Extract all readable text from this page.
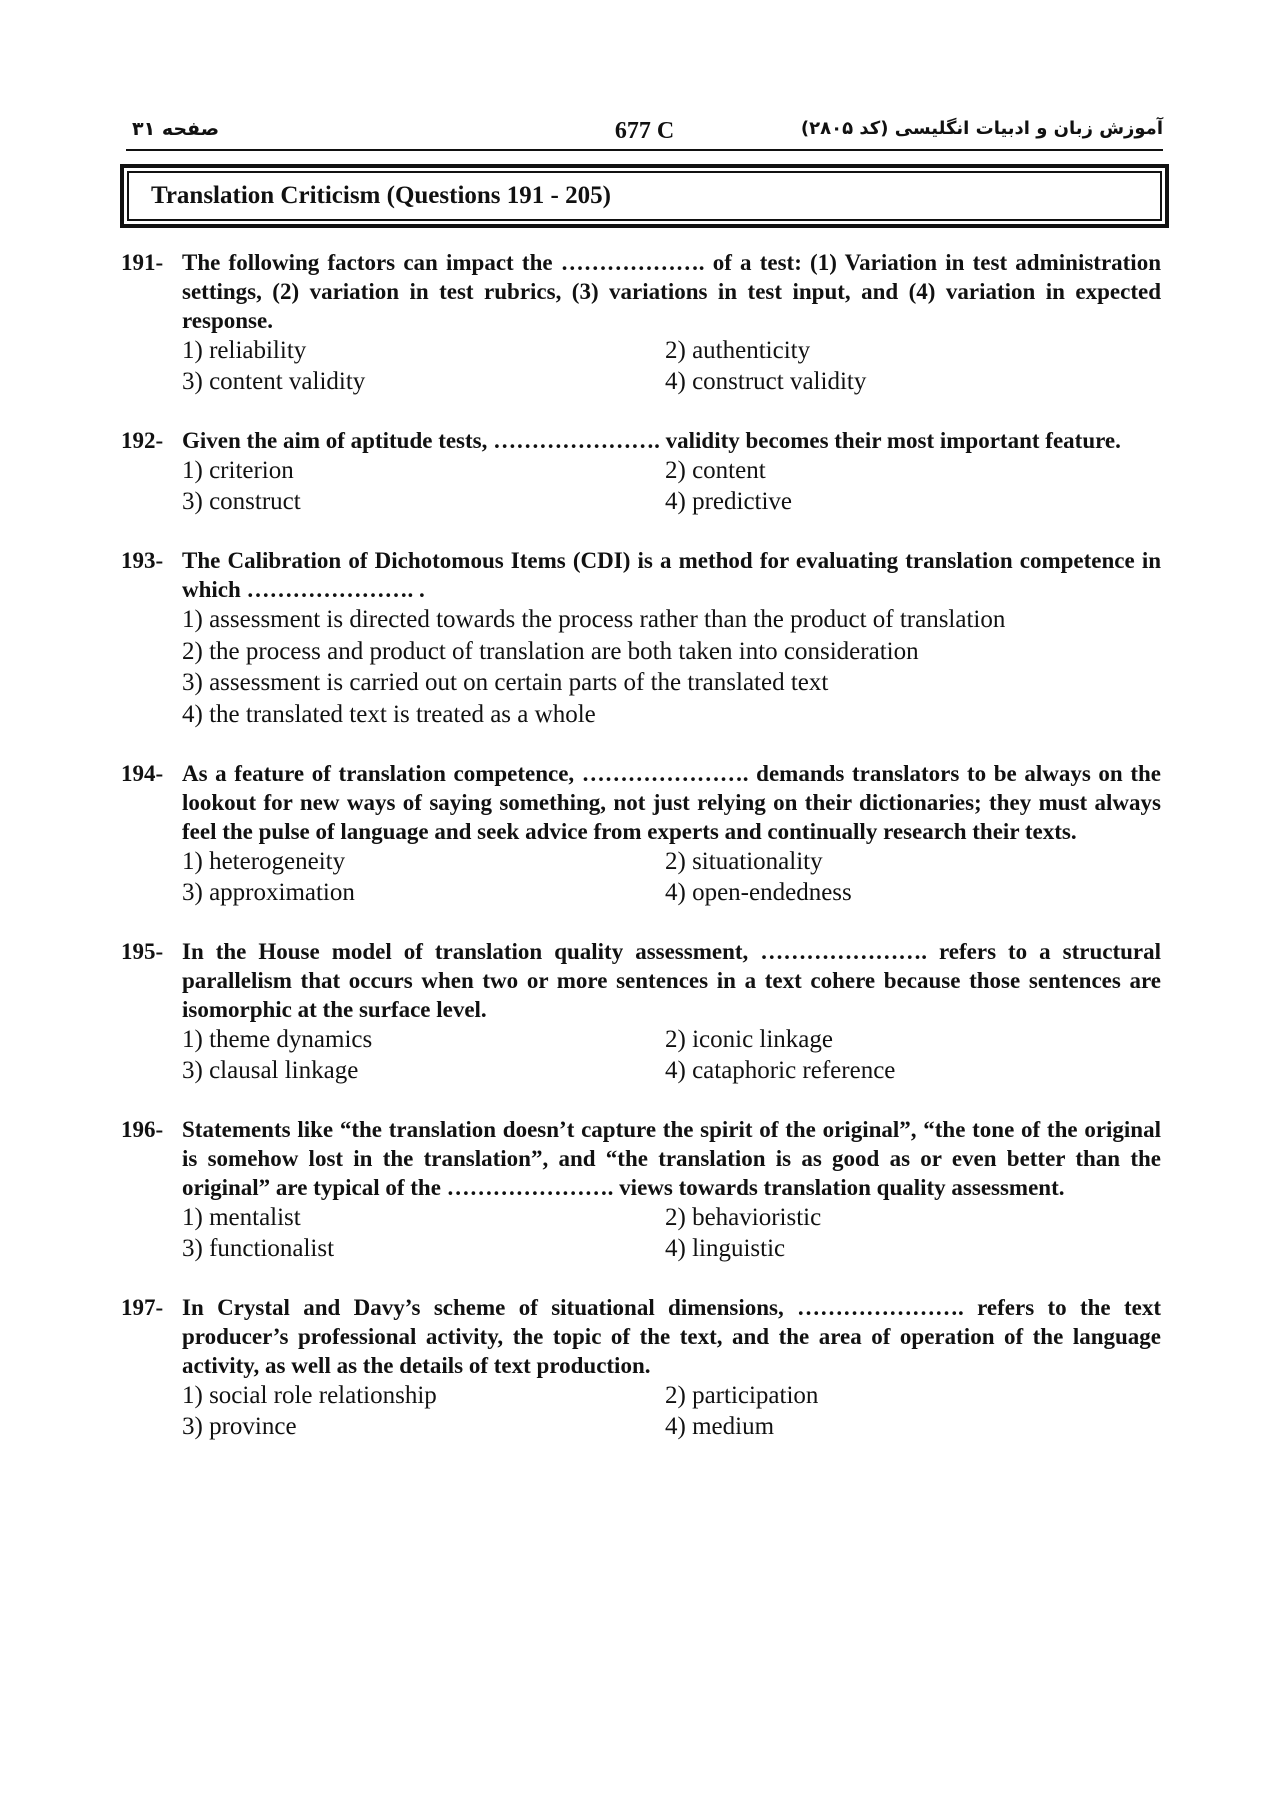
صفحه ۳۱	677 C	آموزش زبان و ادبیات انگلیسی (کد ۲۸۰۵)
Translation Criticism (Questions 191 - 205)
191- The following factors can impact the ………………. of a test: (1) Variation in test administration settings, (2) variation in test rubrics, (3) variations in test input, and (4) variation in expected response.
1) reliability	2) authenticity
3) content validity	4) construct validity
192- Given the aim of aptitude tests, …………………. validity becomes their most important feature.
1) criterion	2) content
3) construct	4) predictive
193- The Calibration of Dichotomous Items (CDI) is a method for evaluating translation competence in which …………………. .
1) assessment is directed towards the process rather than the product of translation
2) the process and product of translation are both taken into consideration
3) assessment is carried out on certain parts of the translated text
4) the translated text is treated as a whole
194- As a feature of translation competence, …………………. demands translators to be always on the lookout for new ways of saying something, not just relying on their dictionaries; they must always feel the pulse of language and seek advice from experts and continually research their texts.
1) heterogeneity	2) situationality
3) approximation	4) open-endedness
195- In the House model of translation quality assessment, …………………. refers to a structural parallelism that occurs when two or more sentences in a text cohere because those sentences are isomorphic at the surface level.
1) theme dynamics	2) iconic linkage
3) clausal linkage	4) cataphoric reference
196- Statements like “the translation doesn’t capture the spirit of the original”, “the tone of the original is somehow lost in the translation”, and “the translation is as good as or even better than the original” are typical of the …………………. views towards translation quality assessment.
1) mentalist	2) behavioristic
3) functionalist	4) linguistic
197- In Crystal and Davy’s scheme of situational dimensions, …………………. refers to the text producer’s professional activity, the topic of the text, and the area of operation of the language activity, as well as the details of text production.
1) social role relationship	2) participation
3) province	4) medium
